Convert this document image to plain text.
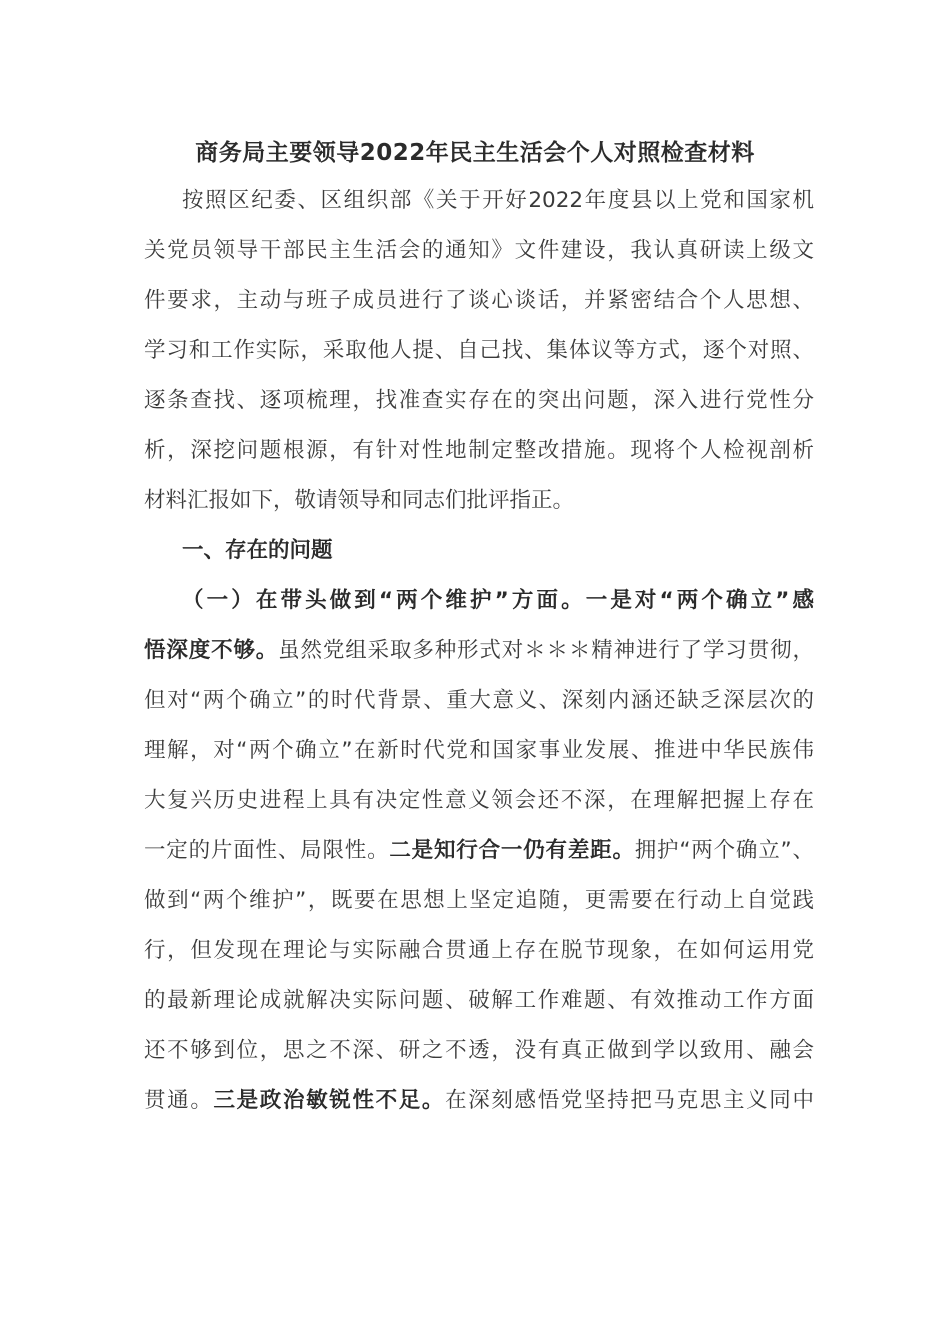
商务局主要领导2022年民主生活会个人对照检查材料
按照区纪委、区组织部《关于开好2022年度县以上党和国家机
关党员领导干部民主生活会的通知》文件建设，我认真研读上级文
件要求，主动与班子成员进行了谈心谈话，并紧密结合个人思想、
学习和工作实际，采取他人提、自己找、集体议等方式，逐个对照、
逐条查找、逐项梳理，找准查实存在的突出问题，深入进行党性分
析，深挖问题根源，有针对性地制定整改措施。现将个人检视剖析
材料汇报如下，敬请领导和同志们批评指正。
一、存在的问题
（一）在带头做到“两个维护”方面。一是对“两个确立”感
悟深度不够。虽然党组采取多种形式对＊＊＊精神进行了学习贯彻，
但对“两个确立”的时代背景、重大意义、深刻内涵还缺乏深层次的
理解，对“两个确立”在新时代党和国家事业发展、推进中华民族伟
大复兴历史进程上具有决定性意义领会还不深，在理解把握上存在
一定的片面性、局限性。二是知行合一仍有差距。拥护“两个确立”、
做到“两个维护”，既要在思想上坚定追随，更需要在行动上自觉践
行，但发现在理论与实际融合贯通上存在脱节现象，在如何运用党
的最新理论成就解决实际问题、破解工作难题、有效推动工作方面
还不够到位，思之不深、研之不透，没有真正做到学以致用、融会
贯通。三是政治敏锐性不足。在深刻感悟党坚持把马克思主义同中
